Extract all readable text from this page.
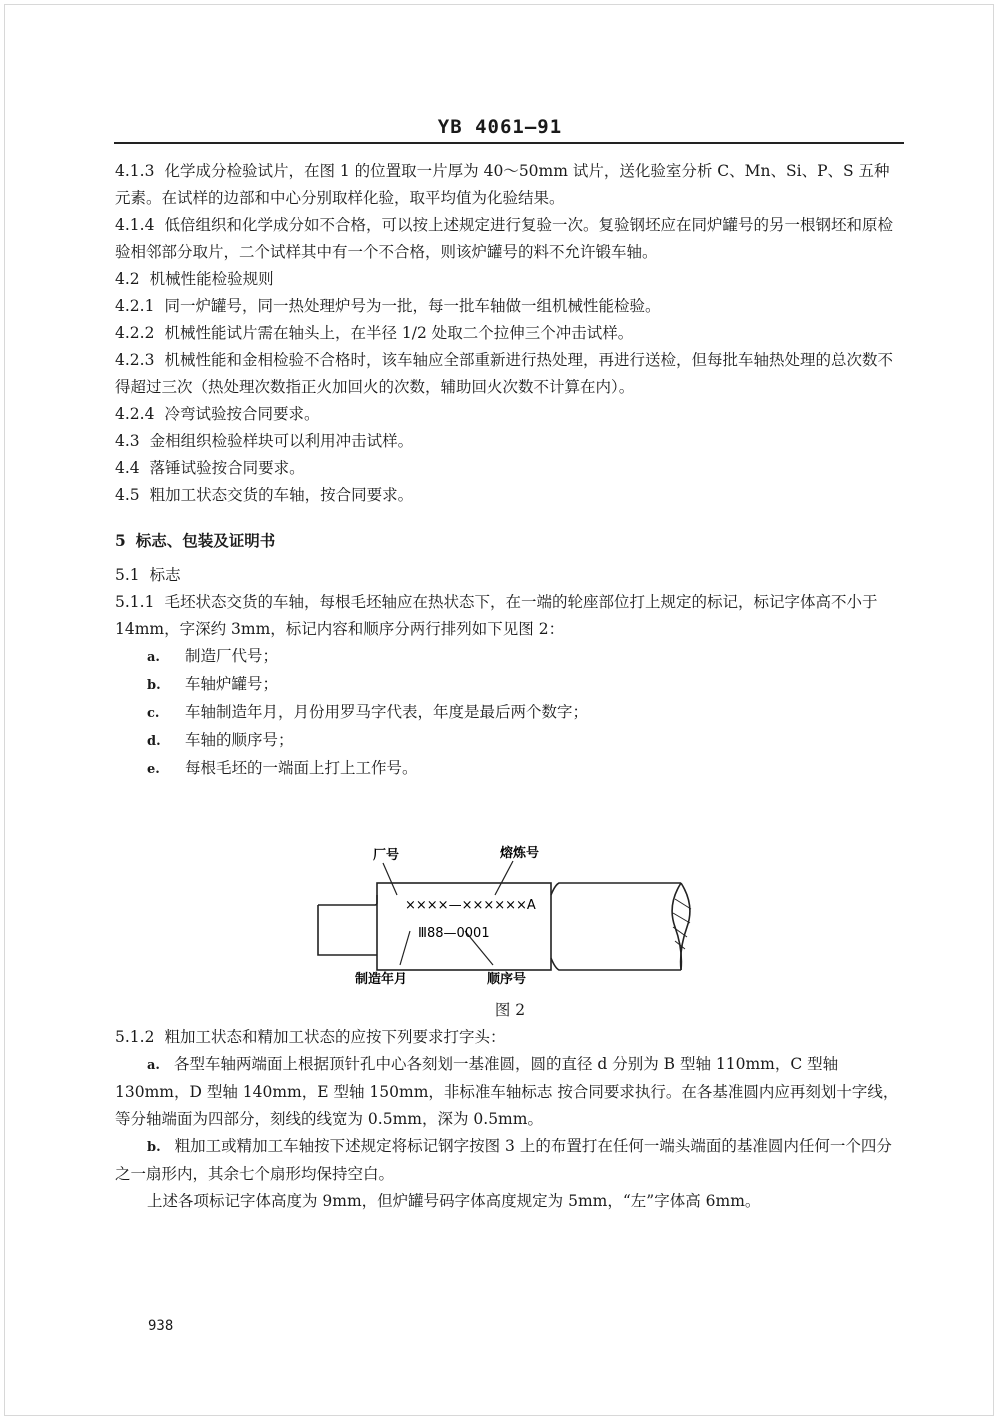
YB 4061—91

4.1.3 化学成分检验试片，在图 1 的位置取一片厚为 40～50mm 试片，送化验室分析 C、Mn、Si、P、S 五种元素。在试样的边部和中心分别取样化验，取平均值为化验结果。

4.1.4 低倍组织和化学成分如不合格，可以按上述规定进行复验一次。复验钢坯应在同炉罐号的另一根钢坯和原检验相邻部分取片，二个试样其中有一个不合格，则该炉罐号的料不允许锻车轴。

4.2 机械性能检验规则

4.2.1 同一炉罐号，同一热处理炉号为一批，每一批车轴做一组机械性能检验。

4.2.2 机械性能试片需在轴头上，在半径 1/2 处取二个拉伸三个冲击试样。

4.2.3 机械性能和金相检验不合格时，该车轴应全部重新进行热处理，再进行送检，但每批车轴热处理的总次数不得超过三次（热处理次数指正火加回火的次数，辅助回火次数不计算在内）。

4.2.4 冷弯试验按合同要求。

4.3 金相组织检验样块可以利用冲击试样。

4.4 落锤试验按合同要求。

4.5 粗加工状态交货的车轴，按合同要求。

5 标志、包装及证明书

5.1 标志

5.1.1 毛坯状态交货的车轴，每根毛坯轴应在热状态下，在一端的轮座部位打上规定的标记，标记字体高不小于 14mm，字深约 3mm，标记内容和顺序分两行排列如下见图 2：

a. 制造厂代号；

b. 车轴炉罐号；

c. 车轴制造年月，月份用罗马字代表，年度是最后两个数字；

d. 车轴的顺序号；

e. 每根毛坯的一端面上打上工作号。

厂号	熔炼号
××××—××××××A
Ⅲ88—0001
制造年月	顺序号

图 2

5.1.2 粗加工状态和精加工状态的应按下列要求打字头：

a. 各型车轴两端面上根据顶针孔中心各刻划一基准圆，圆的直径 d 分别为 B 型轴 110mm，C 型轴 130mm，D 型轴 140mm，E 型轴 150mm，非标准车轴标志 按合同要求执行。在各基准圆内应再刻划十字线，等分轴端面为四部分，刻线的线宽为 0.5mm，深为 0.5mm。

b. 粗加工或精加工车轴按下述规定将标记钢字按图 3 上的布置打在任何一端头端面的基准圆内任何一个四分之一扇形内，其余七个扇形均保持空白。

上述各项标记字体高度为 9mm，但炉罐号码字体高度规定为 5mm，“左”字体高 6mm。

938
